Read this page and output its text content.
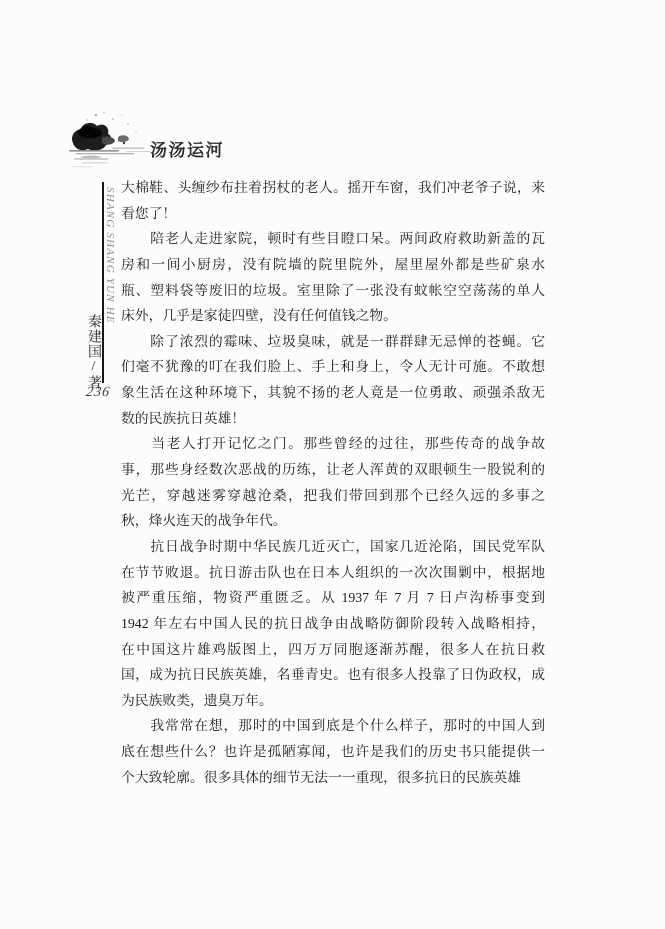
汤汤运河
SHANG SHANG YUN HE
秦建国/著
236
大棉鞋、头缠纱布拄着拐杖的老人。摇开车窗，我们冲老爷子说，来
看您了！
　　陪老人走进家院，顿时有些目瞪口呆。两间政府救助新盖的瓦
房和一间小厨房，没有院墙的院里院外，屋里屋外都是些矿泉水
瓶、塑料袋等废旧的垃圾。室里除了一张没有蚊帐空空荡荡的单人
床外，几乎是家徒四壁，没有任何值钱之物。
　　除了浓烈的霉味、垃圾臭味，就是一群群肆无忌惮的苍蝇。它
们毫不犹豫的叮在我们脸上、手上和身上，令人无计可施。不敢想
象生活在这种环境下，其貌不扬的老人竟是一位勇敢、顽强杀敌无
数的民族抗日英雄！
　　当老人打开记忆之门。那些曾经的过往，那些传奇的战争故
事，那些身经数次恶战的历练，让老人浑黄的双眼顿生一股锐利的
光芒，穿越迷雾穿越沧桑，把我们带回到那个已经久远的多事之
秋，烽火连天的战争年代。
　　抗日战争时期中华民族几近灭亡，国家几近沦陷，国民党军队
在节节败退。抗日游击队也在日本人组织的一次次围剿中，根据地
被严重压缩，物资严重匮乏。从 1937 年 7 月 7 日卢沟桥事变到
1942 年左右中国人民的抗日战争由战略防御阶段转入战略相持，
在中国这片雄鸡版图上，四万万同胞逐渐苏醒，很多人在抗日救
国，成为抗日民族英雄，名垂青史。也有很多人投靠了日伪政权，成
为民族败类，遗臭万年。
　　我常常在想，那时的中国到底是个什么样子，那时的中国人到
底在想些什么？也许是孤陋寡闻，也许是我们的历史书只能提供一
个大致轮廓。很多具体的细节无法一一重现，很多抗日的民族英雄
